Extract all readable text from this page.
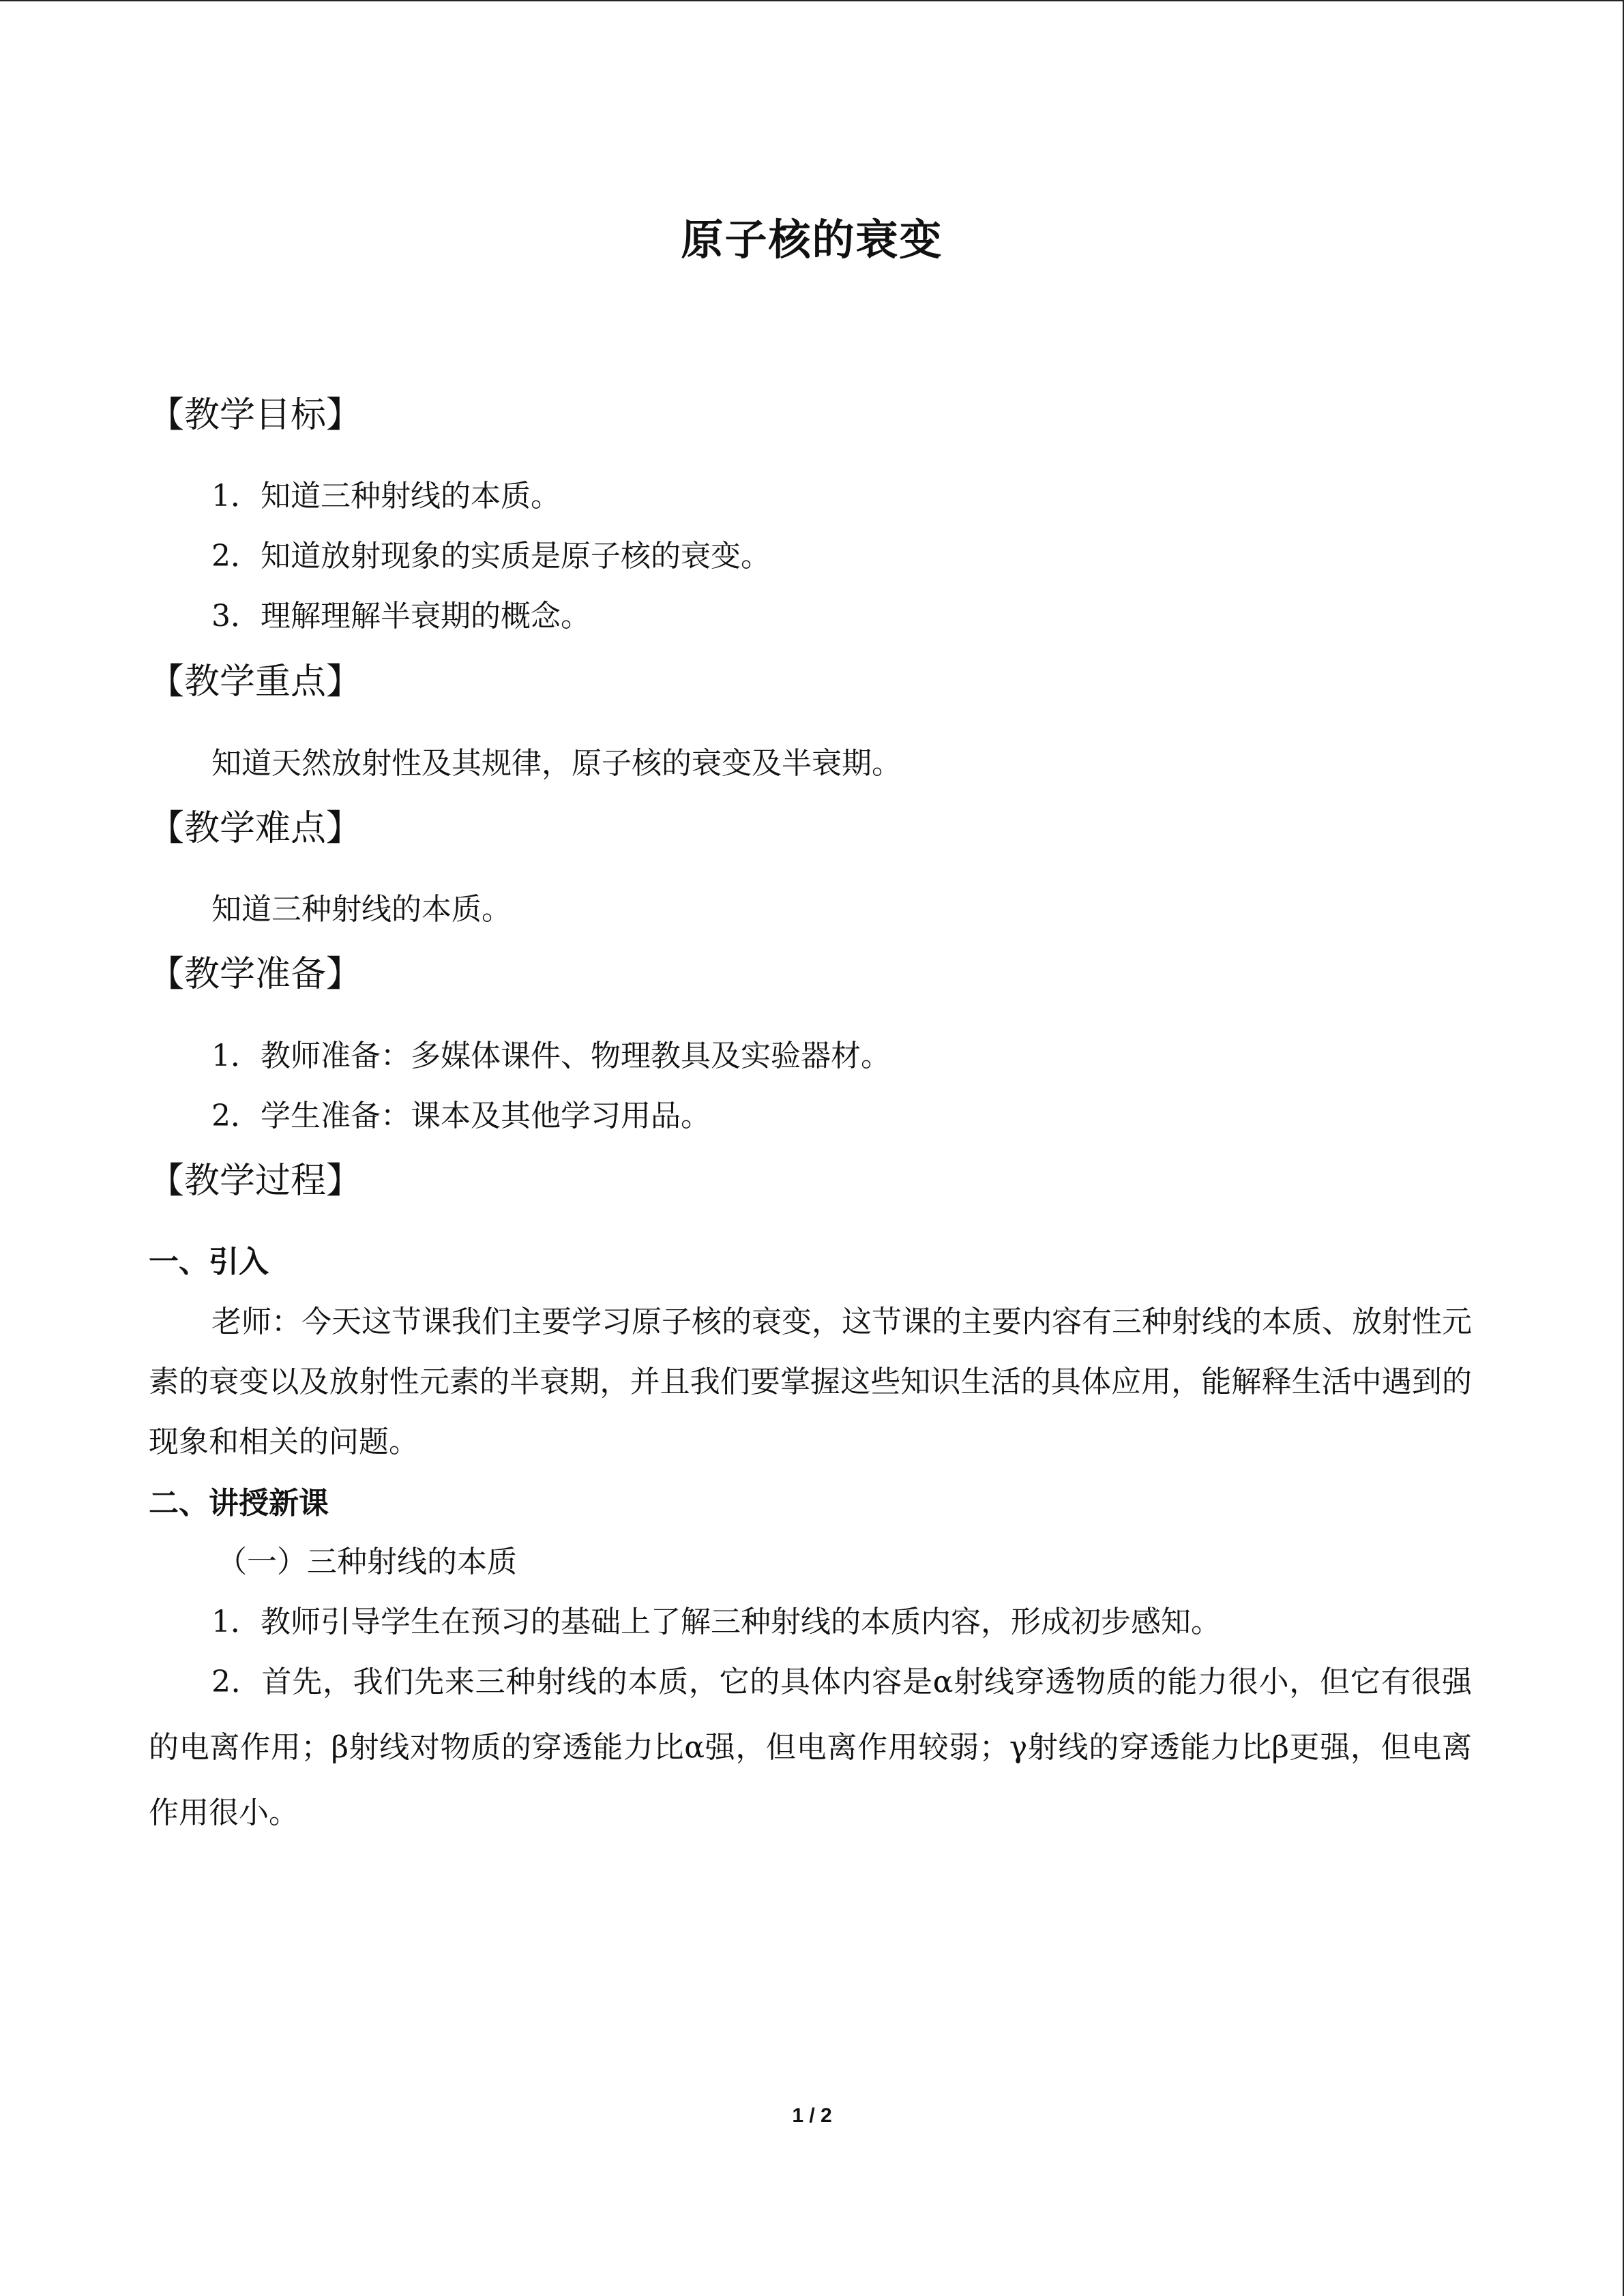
原子核的衰变
【教学目标】
1．知道三种射线的本质。
2．知道放射现象的实质是原子核的衰变。
3．理解理解半衰期的概念。
【教学重点】
知道天然放射性及其规律，原子核的衰变及半衰期。
【教学难点】
知道三种射线的本质。
【教学准备】
1．教师准备：多媒体课件、物理教具及实验器材。
2．学生准备：课本及其他学习用品。
【教学过程】
一、引入
老师：今天这节课我们主要学习原子核的衰变，这节课的主要内容有三种射线的本质、放射性元素的衰变以及放射性元素的半衰期，并且我们要掌握这些知识生活的具体应用，能解释生活中遇到的现象和相关的问题。
二、讲授新课
（一）三种射线的本质
1．教师引导学生在预习的基础上了解三种射线的本质内容，形成初步感知。
2．首先，我们先来三种射线的本质，它的具体内容是α射线穿透物质的能力很小，但它有很强的电离作用；β射线对物质的穿透能力比α强，但电离作用较弱；γ射线的穿透能力比β更强，但电离作用很小。
1 / 2
